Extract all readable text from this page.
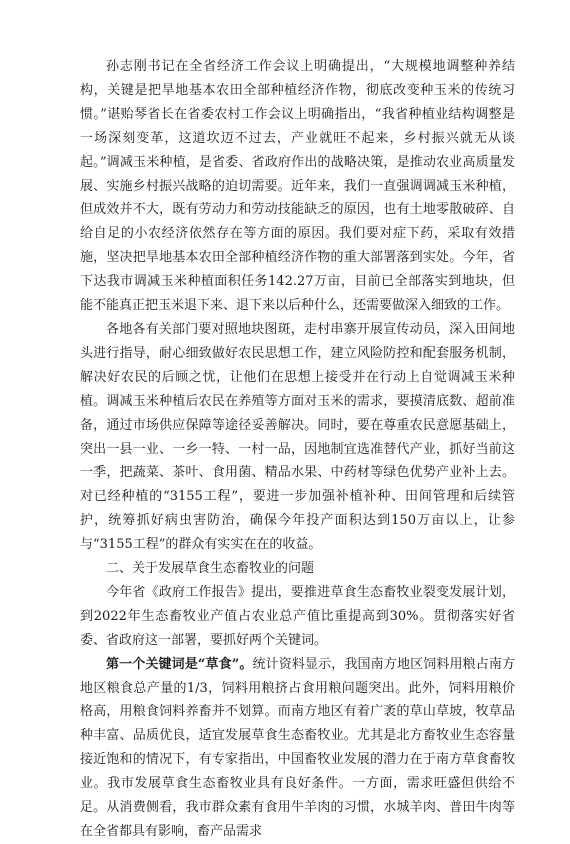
孙志刚书记在全省经济工作会议上明确提出，“大规模地调整种养结构，关键是把旱地基本农田全部种植经济作物，彻底改变种玉米的传统习惯。”谌贻琴省长在省委农村工作会议上明确指出，“我省种植业结构调整是一场深刻变革，这道坎迈不过去，产业就旺不起来，乡村振兴就无从谈起。”调减玉米种植，是省委、省政府作出的战略决策，是推动农业高质量发展、实施乡村振兴战略的迫切需要。近年来，我们一直强调调减玉米种植，但成效并不大，既有劳动力和劳动技能缺乏的原因，也有土地零散破碎、自给自足的小农经济依然存在等方面的原因。我们要对症下药，采取有效措施，坚决把旱地基本农田全部种植经济作物的重大部署落到实处。今年，省下达我市调减玉米种植面积任务142.27万亩，目前已全部落实到地块，但能不能真正把玉米退下来、退下来以后种什么，还需要做深入细致的工作。

各地各有关部门要对照地块图斑，走村串寨开展宣传动员，深入田间地头进行指导，耐心细致做好农民思想工作，建立风险防控和配套服务机制，解决好农民的后顾之忧，让他们在思想上接受并在行动上自觉调减玉米种植。调减玉米种植后农民在养殖等方面对玉米的需求，要摸清底数、超前准备，通过市场供应保障等途径妥善解决。同时，要在尊重农民意愿基础上，突出一县一业、一乡一特、一村一品，因地制宜选准替代产业，抓好当前这一季，把蔬菜、茶叶、食用菌、精品水果、中药材等绿色优势产业补上去。对已经种植的“3155工程”，要进一步加强补植补种、田间管理和后续管护，统筹抓好病虫害防治，确保今年投产面积达到150万亩以上，让参与“3155工程”的群众有实实在在的收益。

二、关于发展草食生态畜牧业的问题

今年省《政府工作报告》提出，要推进草食生态畜牧业裂变发展计划，到2022年生态畜牧业产值占农业总产值比重提高到30%。贯彻落实好省委、省政府这一部署，要抓好两个关键词。

第一个关键词是“草食”。统计资料显示，我国南方地区饲料用粮占南方地区粮食总产量的1/3，饲料用粮挤占食用粮问题突出。此外，饲料用粮价格高，用粮食饲料养畜并不划算。而南方地区有着广袤的草山草坡，牧草品种丰富、品质优良，适宜发展草食生态畜牧业。尤其是北方畜牧业生态容量接近饱和的情况下，有专家指出，中国畜牧业发展的潜力在于南方草食畜牧业。我市发展草食生态畜牧业具有良好条件。一方面，需求旺盛但供给不足。从消费侧看，我市群众素有食用牛羊肉的习惯，水城羊肉、普田牛肉等在全省都具有影响，畜产品需求
